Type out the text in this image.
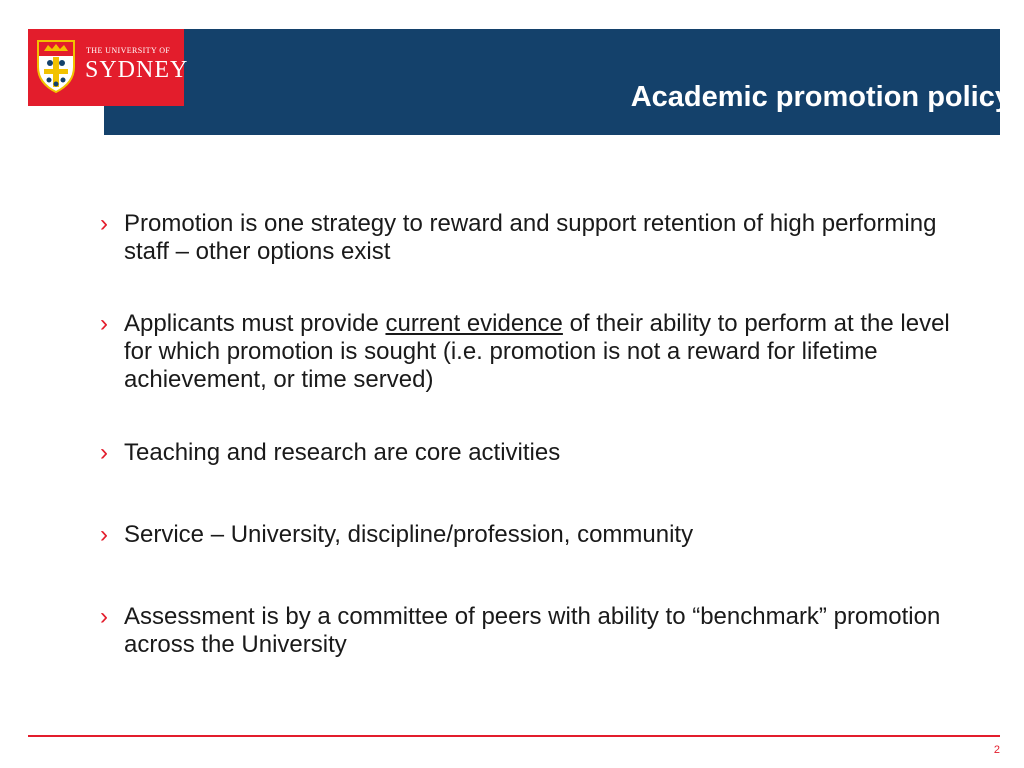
Academic promotion policy
THE UNIVERSITY OF
SYDNEY
› Promotion is one strategy to reward and support retention of high performing staff – other options exist
› Applicants must provide current evidence of their ability to perform at the level for which promotion is sought (i.e. promotion is not a reward for lifetime achievement, or time served)
› Teaching and research are core activities
› Service – University, discipline/profession, community
› Assessment is by a committee of peers with ability to “benchmark” promotion across the University
2
